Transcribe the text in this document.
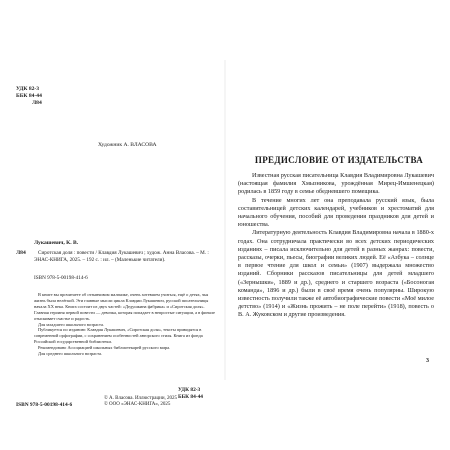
УДК 82-3
ББК 84-44
Л84
Художник А. ВЛАСОВА
Л84
Лукашевич, К. В.
Сиротская доля : повести / Клавдия Лукашевич ; худож. Анна Власова. – М. : ЭНАС-КНИГА, 2025. – 192 с. : ил. – (Маленькие читатели).
ISBN 978-5-00198-414-6

В книге вы прочитаете об отзывчивом мальчике, очень хотевшем учиться, ещё о детях, чья жизнь была нелёгкой. Эти главные мысли цикла Клавдии Лукашевич, русской писательницы начала XX века. Книга состоит из двух частей: «Дедушкина фабрика» и «Сиротская доля». Главная героиня первой повести — девочка, которая попадает в непростые ситуации, а в финале отыскивает счастье и радость.

Для младшего школьного возраста.

Публикуется по изданию: Клавдия Лукашевич, «Сиротская доля», тексты приводятся в современной орфографии, с сохранением особенностей авторского стиля. Книга из фонда Российской государственной библиотеки.

Рекомендовано Ассоциацией школьных библиотекарей русского мира.

Для среднего школьного возраста.

УДК 82-3
ББК 84-44
ISBN 978-5-00198-414-6
© А. Власова. Иллюстрации, 2025
© ООО «ЭНАС-КНИГА», 2025
ПРЕДИСЛОВИЕ ОТ ИЗДАТЕЛЬСТВА

Известная русская писательница Клавдия Владимировна Лукашевич (настоящая фамилия Хмызникова, урождённая Мирец-Имшенецкая) родилась в 1859 году в семье обедневшего помещика.

В течение многих лет она преподавала русский язык, была составительницей детских календарей, учебников и хрестоматий для начального обучения, пособий для проведения праздников для детей и юношества.

Литературную деятельность Клавдия Владимировна начала в 1880-х годах. Она сотрудничала практически во всех детских периодических изданиях – писала исключительно для детей в разных жанрах: повести, рассказы, очерки, пьесы, биографии великих людей. Её «Азбука – солнце в первое чтение для школ и семьи» (1907) выдержала множество изданий. Сборники рассказов писательницы для детей младшего («Зернышки», 1889 и др.), среднего и старшего возраста («Босоногая команда», 1896 и др.) были в своё время очень популярны. Широкую известность получили также её автобиографические повести «Моё милое детство» (1914) и «Жизнь прожить – не поле перейти» (1918), повесть о В. А. Жуковском и другие произведения.

3
